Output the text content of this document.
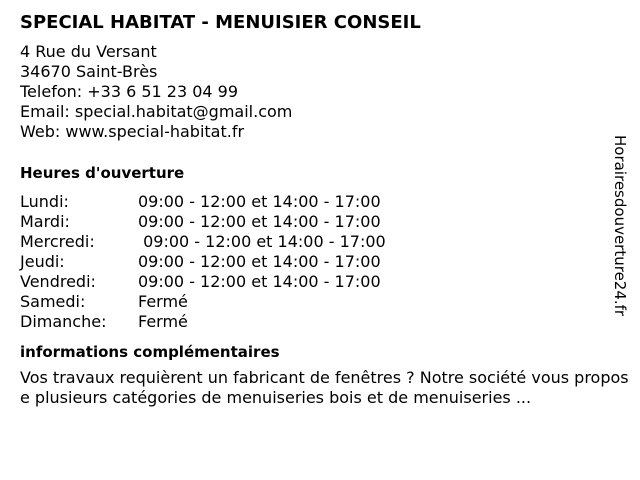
SPECIAL HABITAT - MENUISIER CONSEIL
4 Rue du Versant
34670 Saint-Brès
Telefon: +33 6 51 23 04 99
Email: special.habitat@gmail.com
Web: www.special-habitat.fr
Heures d'ouverture
Lundi:	09:00 - 12:00 et 14:00 - 17:00
Mardi:	09:00 - 12:00 et 14:00 - 17:00
Mercredi:	09:00 - 12:00 et 14:00 - 17:00
Jeudi:	09:00 - 12:00 et 14:00 - 17:00
Vendredi:	09:00 - 12:00 et 14:00 - 17:00
Samedi:	Fermé
Dimanche:	Fermé
informations complémentaires
Vos travaux requièrent un fabricant de fenêtres ? Notre société vous propose plusieurs catégories de menuiseries bois et de menuiseries ...
Horairesdouverture24.fr
